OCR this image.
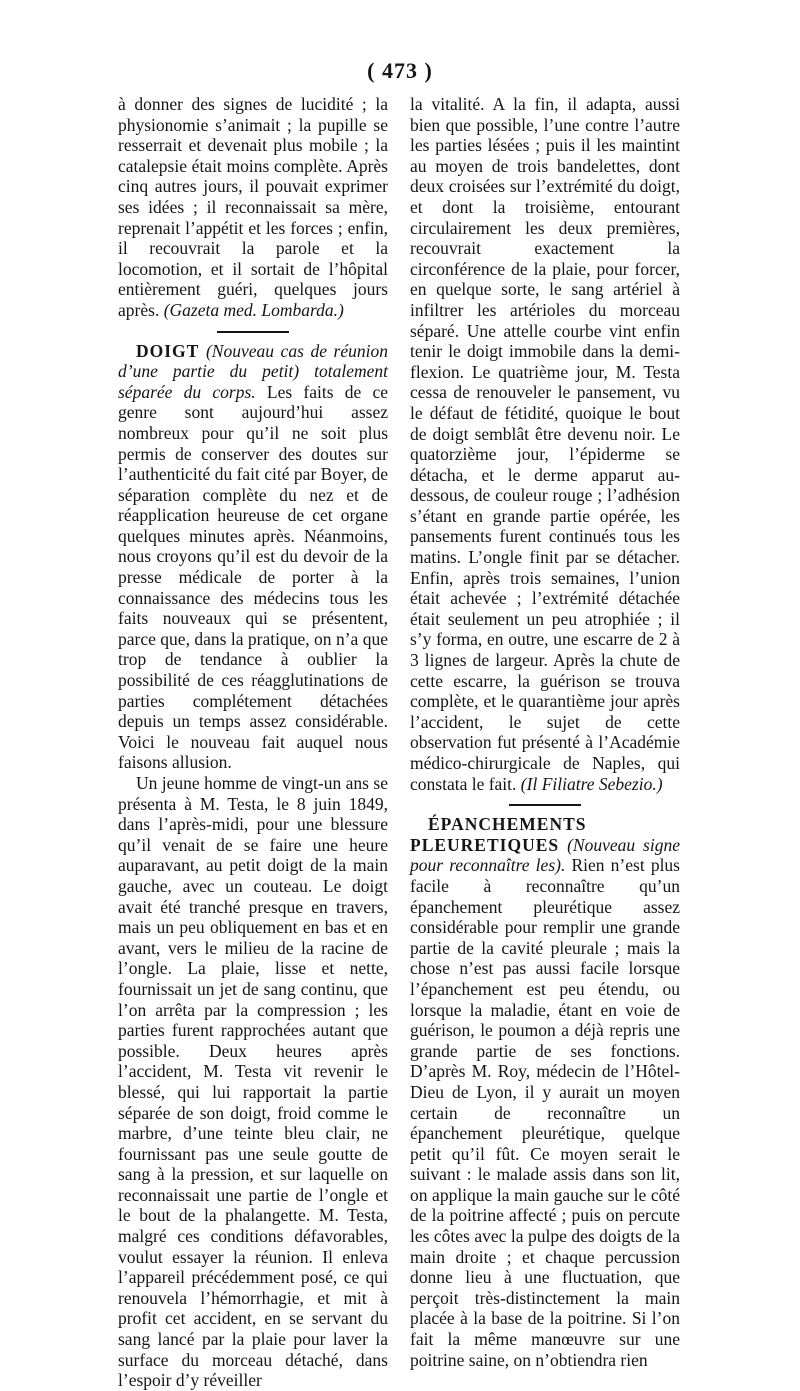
( 473 )

à donner des signes de lucidité ; la physionomie s’animait ; la pupille se resserrait et devenait plus mobile ; la catalepsie était moins complète. Après cinq autres jours, il pouvait exprimer ses idées ; il reconnaissait sa mère, reprenait l’appétit et les forces ; enfin, il recouvrait la parole et la locomotion, et il sortait de l’hôpital entièrement guéri, quelques jours après. (Gazeta med. Lombarda.)

DOIGT (Nouveau cas de réunion d’une partie du petit) totalement séparée du corps. Les faits de ce genre sont aujourd’hui assez nombreux pour qu’il ne soit plus permis de conserver des doutes sur l’authenticité du fait cité par Boyer, de séparation complète du nez et de réapplication heureuse de cet organe quelques minutes après. Néanmoins, nous croyons qu’il est du devoir de la presse médicale de porter à la connaissance des médecins tous les faits nouveaux qui se présentent, parce que, dans la pratique, on n’a que trop de tendance à oublier la possibilité de ces réagglutinations de parties complétement détachées depuis un temps assez considérable. Voici le nouveau fait auquel nous faisons allusion.

Un jeune homme de vingt-un ans se présenta à M. Testa, le 8 juin 1849, dans l’après-midi, pour une blessure qu’il venait de se faire une heure auparavant, au petit doigt de la main gauche, avec un couteau. Le doigt avait été tranché presque en travers, mais un peu obliquement en bas et en avant, vers le milieu de la racine de l’ongle. La plaie, lisse et nette, fournissait un jet de sang continu, que l’on arrêta par la compression ; les parties furent rapprochées autant que possible. Deux heures après l’accident, M. Testa vit revenir le blessé, qui lui rapportait la partie séparée de son doigt, froid comme le marbre, d’une teinte bleu clair, ne fournissant pas une seule goutte de sang à la pression, et sur laquelle on reconnaissait une partie de l’ongle et le bout de la phalangette. M. Testa, malgré ces conditions défavorables, voulut essayer la réunion. Il enleva l’appareil précédemment posé, ce qui renouvela l’hémorrhagie, et mit à profit cet accident, en se servant du sang lancé par la plaie pour laver la surface du morceau détaché, dans l’espoir d’y réveiller

la vitalité. A la fin, il adapta, aussi bien que possible, l’une contre l’autre les parties lésées ; puis il les maintint au moyen de trois bandelettes, dont deux croisées sur l’extrémité du doigt, et dont la troisième, entourant circulairement les deux premières, recouvrait exactement la circonférence de la plaie, pour forcer, en quelque sorte, le sang artériel à infiltrer les artérioles du morceau séparé. Une attelle courbe vint enfin tenir le doigt immobile dans la demi-flexion. Le quatrième jour, M. Testa cessa de renouveler le pansement, vu le défaut de fétidité, quoique le bout de doigt semblât être devenu noir. Le quatorzième jour, l’épiderme se détacha, et le derme apparut au-dessous, de couleur rouge ; l’adhésion s’étant en grande partie opérée, les pansements furent continués tous les matins. L’ongle finit par se détacher. Enfin, après trois semaines, l’union était achevée ; l’extrémité détachée était seulement un peu atrophiée ; il s’y forma, en outre, une escarre de 2 à 3 lignes de largeur. Après la chute de cette escarre, la guérison se trouva complète, et le quarantième jour après l’accident, le sujet de cette observation fut présenté à l’Académie médico-chirurgicale de Naples, qui constata le fait. (Il Filiatre Sebezio.)

ÉPANCHEMENTS PLEURETIQUES (Nouveau signe pour reconnaître les). Rien n’est plus facile à reconnaître qu’un épanchement pleurétique assez considérable pour remplir une grande partie de la cavité pleurale ; mais la chose n’est pas aussi facile lorsque l’épanchement est peu étendu, ou lorsque la maladie, étant en voie de guérison, le poumon a déjà repris une grande partie de ses fonctions. D’après M. Roy, médecin de l’Hôtel-Dieu de Lyon, il y aurait un moyen certain de reconnaître un épanchement pleurétique, quelque petit qu’il fût. Ce moyen serait le suivant : le malade assis dans son lit, on applique la main gauche sur le côté de la poitrine affecté ; puis on percute les côtes avec la pulpe des doigts de la main droite ; et chaque percussion donne lieu à une fluctuation, que perçoit très-distinctement la main placée à la base de la poitrine. Si l’on fait la même manœuvre sur une poitrine saine, on n’obtiendra rien
